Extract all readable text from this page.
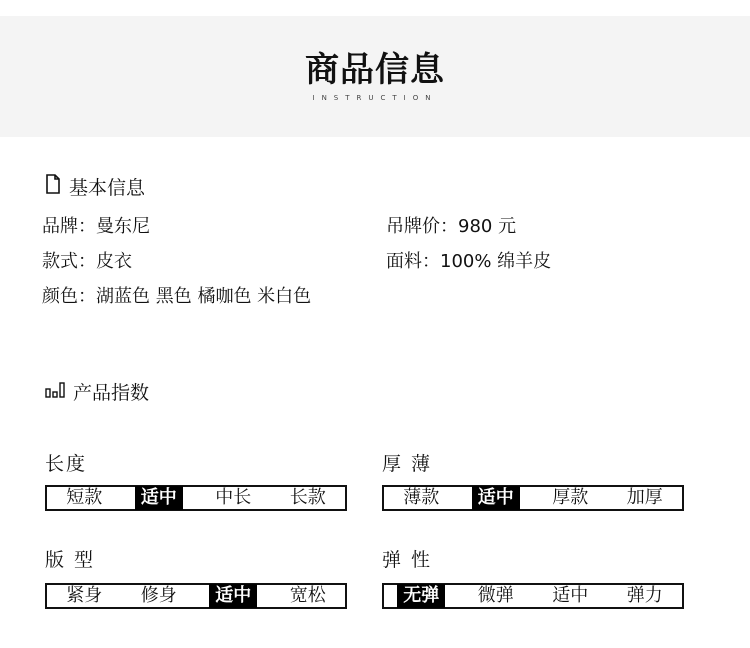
商品信息
INSTRUCTION
基本信息
品牌：曼东尼	吊牌价：980 元
款式：皮衣	面料：100% 绵羊皮
颜色：湖蓝色 黑色 橘咖色 米白色
产品指数
长度
短款	适中	中长	长款
厚 薄
薄款	适中	厚款	加厚
版 型
紧身	修身	适中	宽松
弹 性
无弹	微弹	适中	弹力
